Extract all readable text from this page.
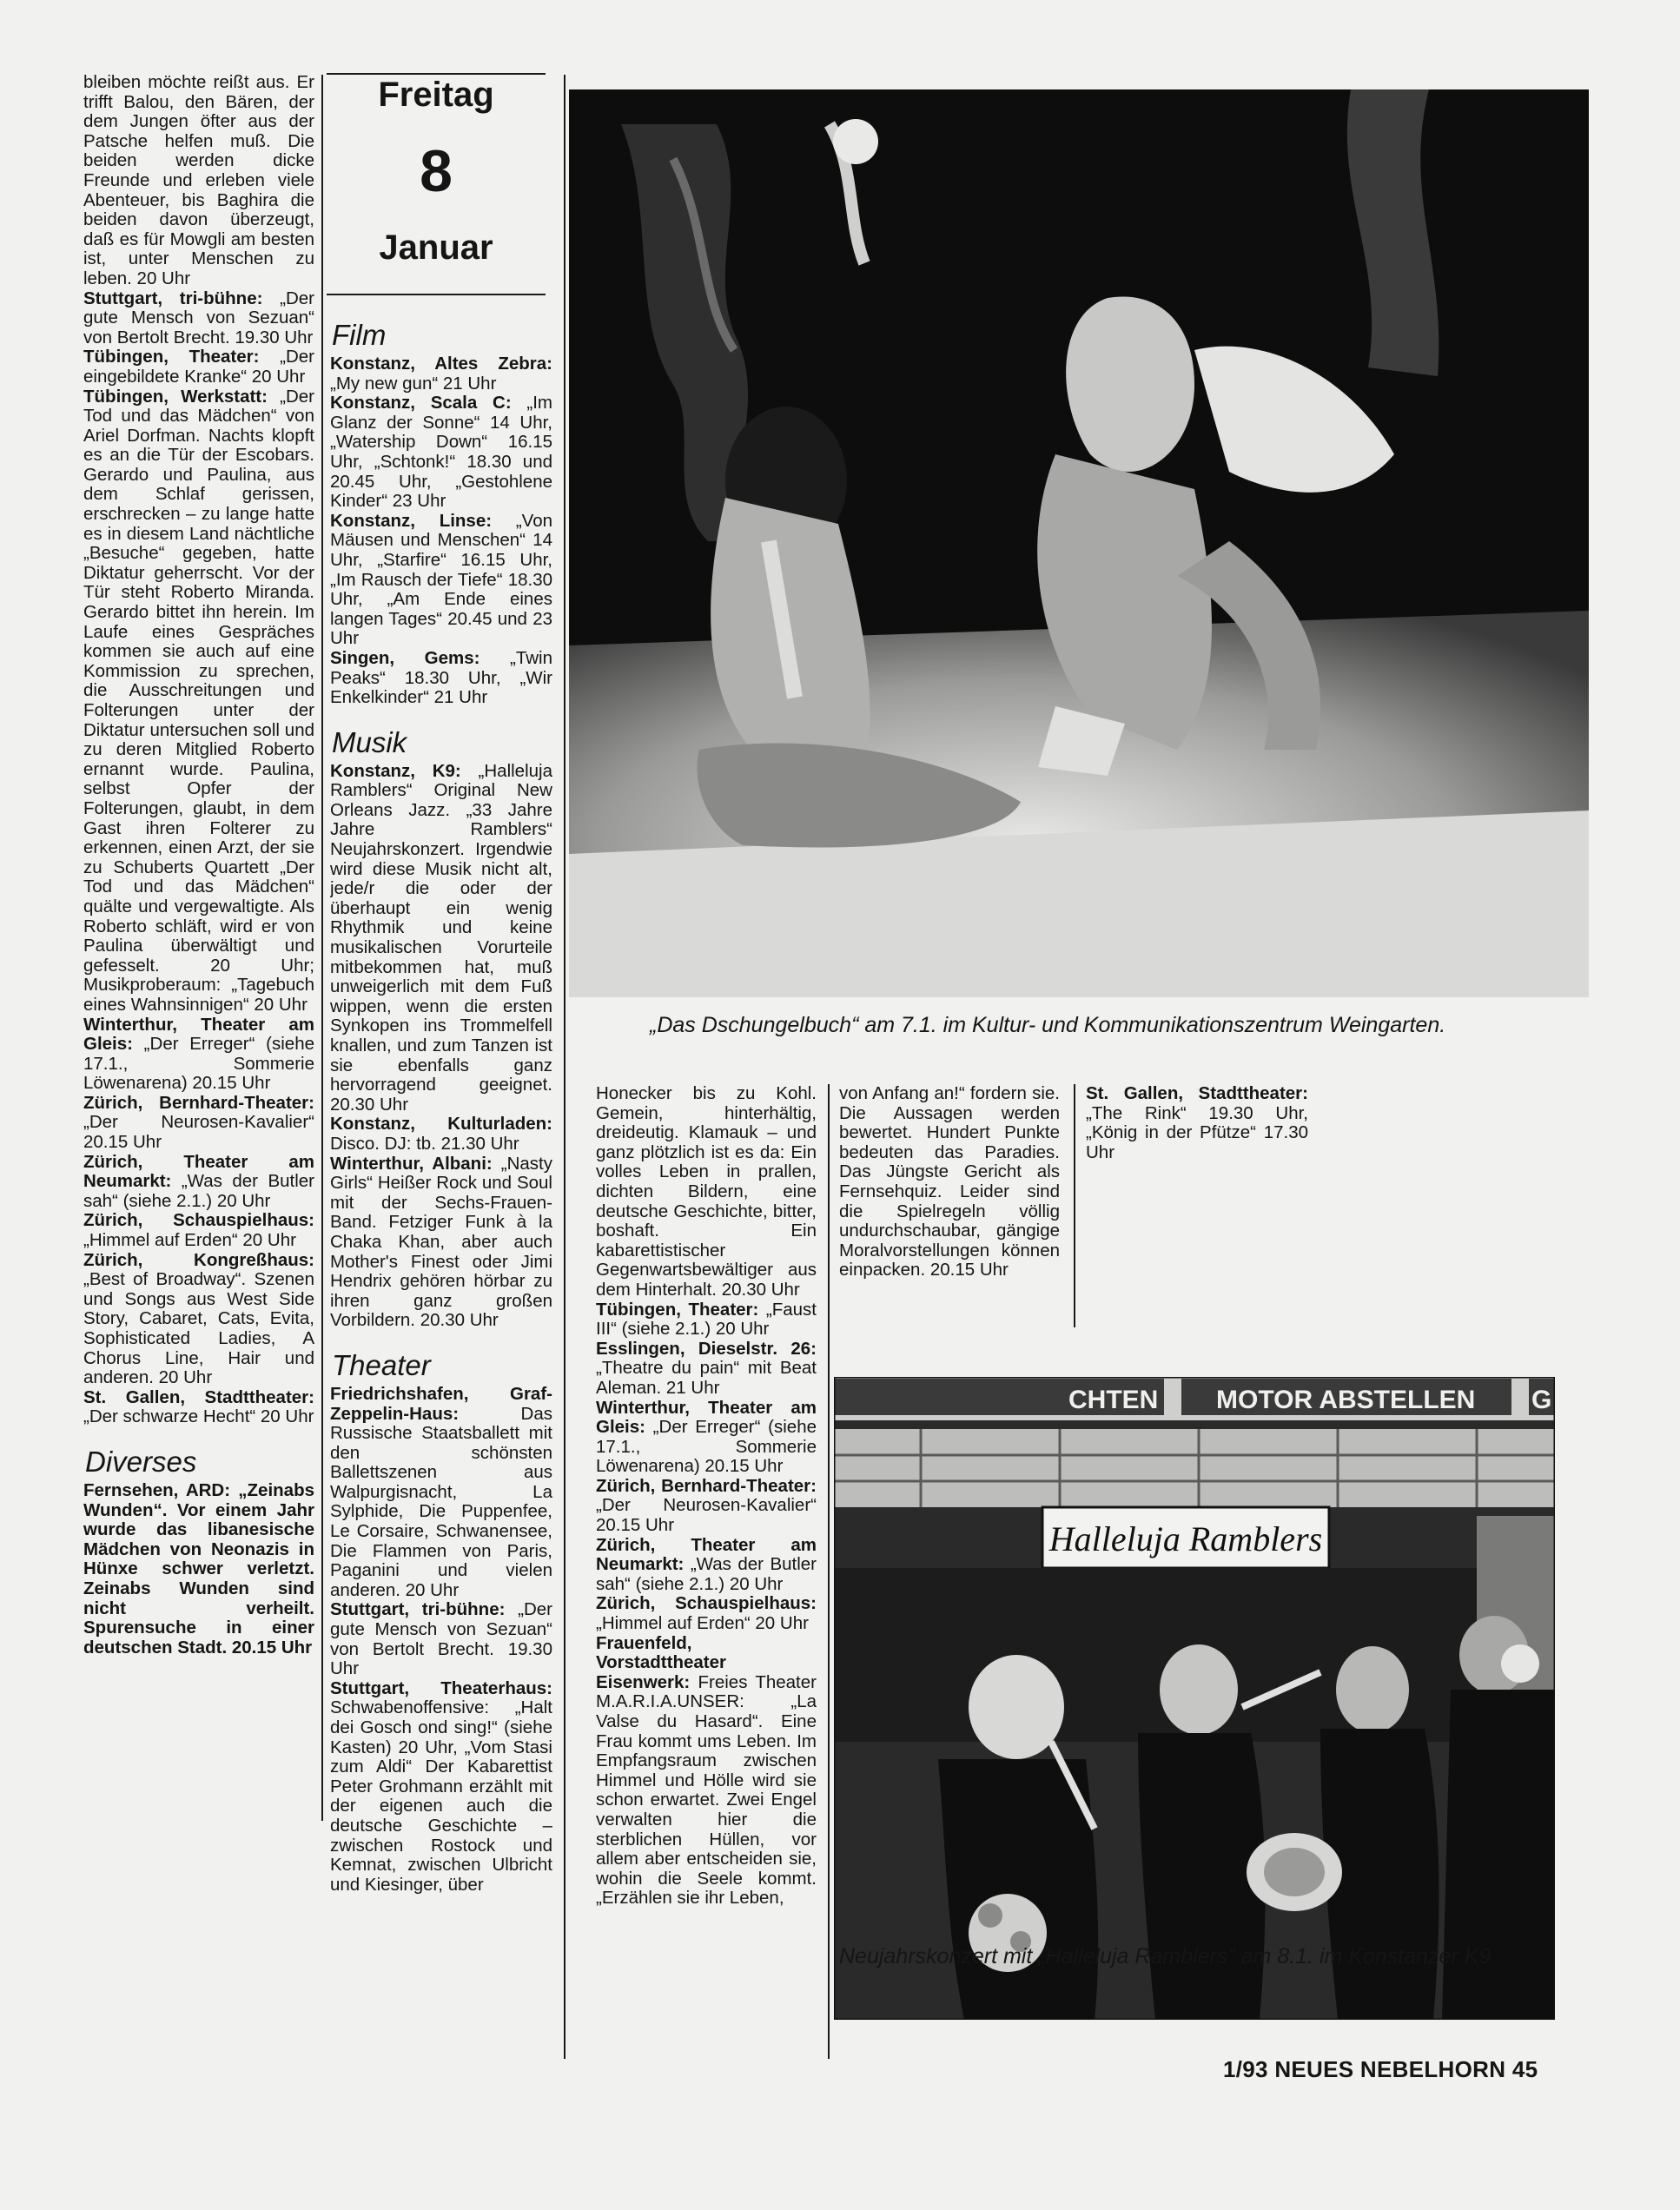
bleiben möchte reißt aus. Er trifft Balou, den Bären, der dem Jungen öfter aus der Patsche helfen muß. Die beiden werden dicke Freunde und erleben viele Abenteuer, bis Baghira die beiden davon überzeugt, daß es für Mowgli am besten ist, unter Menschen zu leben. 20 Uhr

Stuttgart, tri-bühne: „Der gute Mensch von Sezuan“ von Bertolt Brecht. 19.30 Uhr

Tübingen, Theater: „Der eingebildete Kranke“ 20 Uhr

Tübingen, Werkstatt: „Der Tod und das Mädchen“ von Ariel Dorfman. Nachts klopft es an die Tür der Escobars. Gerardo und Paulina, aus dem Schlaf gerissen, erschrecken – zu lange hatte es in diesem Land nächtliche „Besuche“ gegeben, hatte Diktatur geherrscht. Vor der Tür steht Roberto Miranda. Gerardo bittet ihn herein. Im Laufe eines Gespräches kommen sie auch auf eine Kommission zu sprechen, die Ausschreitungen und Folterungen unter der Diktatur untersuchen soll und zu deren Mitglied Roberto ernannt wurde. Paulina, selbst Opfer der Folterungen, glaubt, in dem Gast ihren Folterer zu erkennen, einen Arzt, der sie zu Schuberts Quartett „Der Tod und das Mädchen“ quälte und vergewaltigte. Als Roberto schläft, wird er von Paulina überwältigt und gefesselt. 20 Uhr; Musikproberaum: „Tagebuch eines Wahnsinnigen“ 20 Uhr

Winterthur, Theater am Gleis: „Der Erreger“ (siehe 17.1., Sommerie Löwenarena) 20.15 Uhr

Zürich, Bernhard-Theater: „Der Neurosen-Kavalier“ 20.15 Uhr

Zürich, Theater am Neumarkt: „Was der Butler sah“ (siehe 2.1.) 20 Uhr

Zürich, Schauspielhaus: „Himmel auf Erden“ 20 Uhr

Zürich, Kongreßhaus: „Best of Broadway“. Szenen und Songs aus West Side Story, Cabaret, Cats, Evita, Sophisticated Ladies, A Chorus Line, Hair und anderen. 20 Uhr

St. Gallen, Stadttheater: „Der schwarze Hecht“ 20 Uhr

Diverses

Fernsehen, ARD: „Zeinabs Wunden“. Vor einem Jahr wurde das libanesische Mädchen von Neonazis in Hünxe schwer verletzt. Zeinabs Wunden sind nicht verheilt. Spurensuche in einer deutschen Stadt. 20.15 Uhr

Freitag
8
Januar
Film

Konstanz, Altes Zebra: „My new gun“ 21 Uhr

Konstanz, Scala C: „Im Glanz der Sonne“ 14 Uhr, „Watership Down“ 16.15 Uhr, „Schtonk!“ 18.30 und 20.45 Uhr, „Gestohlene Kinder“ 23 Uhr

Konstanz, Linse: „Von Mäusen und Menschen“ 14 Uhr, „Starfire“ 16.15 Uhr, „Im Rausch der Tiefe“ 18.30 Uhr, „Am Ende eines langen Tages“ 20.45 und 23 Uhr

Singen, Gems: „Twin Peaks“ 18.30 Uhr, „Wir Enkelkinder“ 21 Uhr

Musik

Konstanz, K9: „Halleluja Ramblers“ Original New Orleans Jazz. „33 Jahre Jahre Ramblers“ Neujahrskonzert. Irgendwie wird diese Musik nicht alt, jede/r die oder der überhaupt ein wenig Rhythmik und keine musikalischen Vorurteile mitbekommen hat, muß unweigerlich mit dem Fuß wippen, wenn die ersten Synkopen ins Trommelfell knallen, und zum Tanzen ist sie ebenfalls ganz hervorragend geeignet. 20.30 Uhr

Konstanz, Kulturladen: Disco. DJ: tb. 21.30 Uhr

Winterthur, Albani: „Nasty Girls“ Heißer Rock und Soul mit der Sechs-Frauen-Band. Fetziger Funk à la Chaka Khan, aber auch Mother's Finest oder Jimi Hendrix gehören hörbar zu ihren ganz großen Vorbildern. 20.30 Uhr

Theater

Friedrichshafen, Graf-Zeppelin-Haus: Das Russische Staatsballett mit den schönsten Ballettszenen aus Walpurgisnacht, La Sylphide, Die Puppenfee, Le Corsaire, Schwanensee, Die Flammen von Paris, Paganini und vielen anderen. 20 Uhr

Stuttgart, tri-bühne: „Der gute Mensch von Sezuan“ von Bertolt Brecht. 19.30 Uhr

Stuttgart, Theaterhaus: Schwabenoffensive: „Halt dei Gosch ond sing!“ (siehe Kasten) 20 Uhr, „Vom Stasi zum Aldi“ Der Kabarettist Peter Grohmann erzählt mit der eigenen auch die deutsche Geschichte – zwischen Rostock und Kemnat, zwischen Ulbricht und Kiesinger, über

„Das Dschungelbuch“ am 7.1. im Kultur- und Kommunikationszentrum Weingarten.

Honecker bis zu Kohl. Gemein, hinterhältig, dreideutig. Klamauk – und ganz plötzlich ist es da: Ein volles Leben in prallen, dichten Bildern, eine deutsche Geschichte, bitter, boshaft. Ein kabarettistischer Gegenwartsbewältiger aus dem Hinterhalt. 20.30 Uhr

Tübingen, Theater: „Faust III“ (siehe 2.1.) 20 Uhr

Esslingen, Dieselstr. 26: „Theatre du pain“ mit Beat Aleman. 21 Uhr

Winterthur, Theater am Gleis: „Der Erreger“ (siehe 17.1., Sommerie Löwenarena) 20.15 Uhr

Zürich, Bernhard-Theater: „Der Neurosen-Kavalier“ 20.15 Uhr

Zürich, Theater am Neumarkt: „Was der Butler sah“ (siehe 2.1.) 20 Uhr

Zürich, Schauspielhaus: „Himmel auf Erden“ 20 Uhr

Frauenfeld, Vorstadttheater Eisenwerk: Freies Theater M.A.R.I.A.UNSER: „La Valse du Hasard“. Eine Frau kommt ums Leben. Im Empfangsraum zwischen Himmel und Hölle wird sie schon erwartet. Zwei Engel verwalten hier die sterblichen Hüllen, vor allem aber entscheiden sie, wohin die Seele kommt. „Erzählen sie ihr Leben,

von Anfang an!“ fordern sie. Die Aussagen werden bewertet. Hundert Punkte bedeuten das Paradies. Das Jüngste Gericht als Fernsehquiz. Leider sind die Spielregeln völlig undurchschaubar, gängige Moralvorstellungen können einpacken. 20.15 Uhr

St. Gallen, Stadttheater: „The Rink“ 19.30 Uhr, „König in der Pfütze“ 17.30 Uhr

CHTEN MOTOR ABSTELLEN G
Halleluja Ramblers
Neujahrskonzert mit „Halleluja Ramblers“ am 8.1. im Konstanzer K9
1/93 NEUES NEBELHORN 45
